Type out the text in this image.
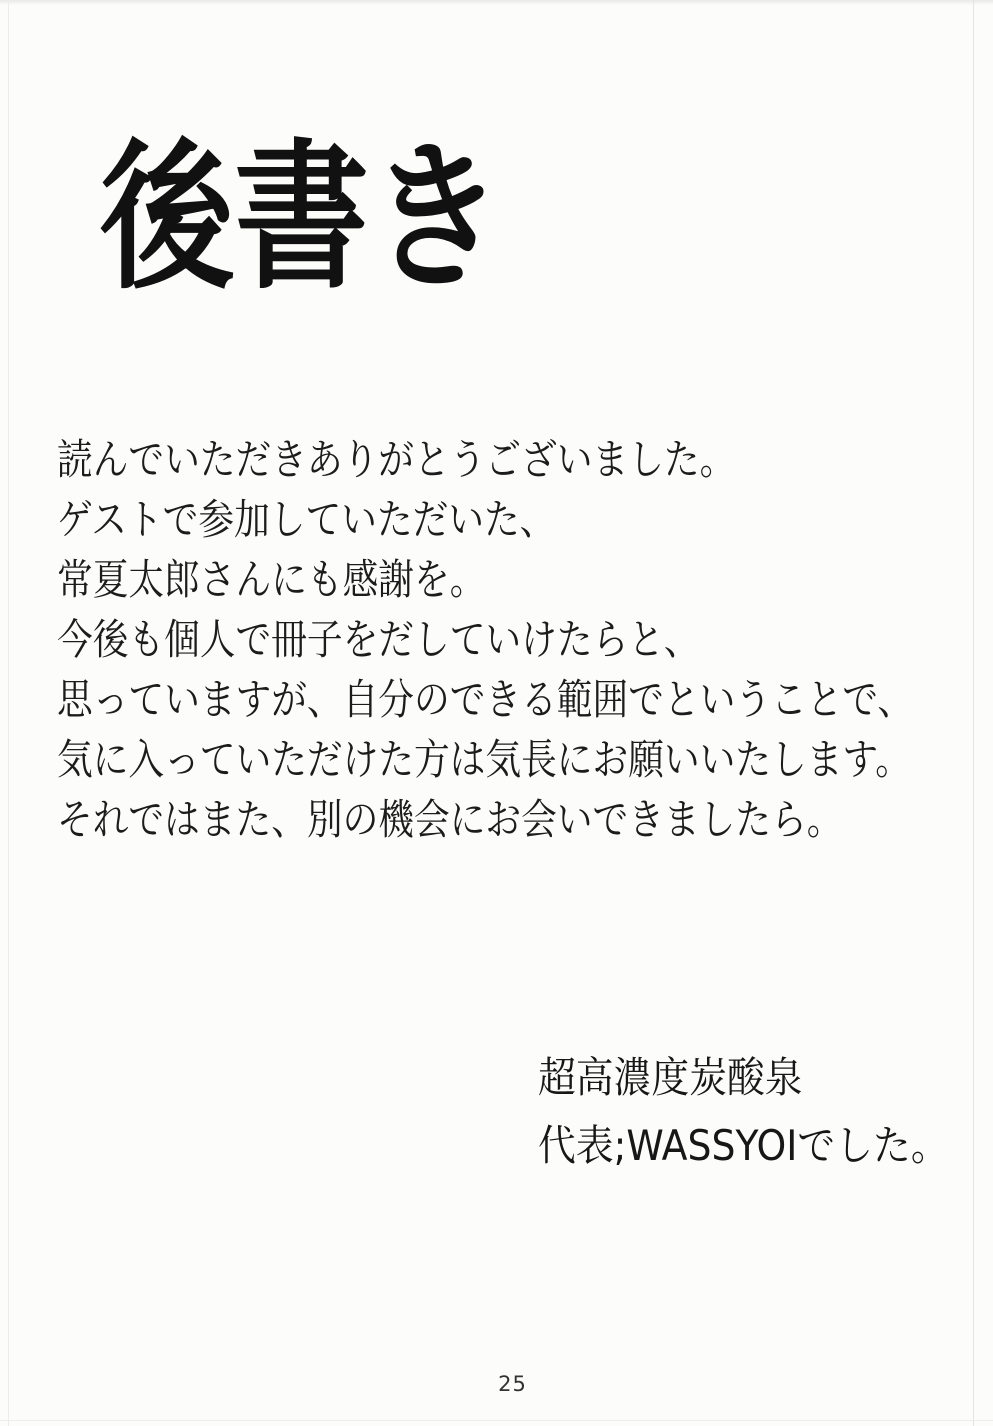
後書き
読んでいただきありがとうございました。
ゲストで参加していただいた、
常夏太郎さんにも感謝を。
今後も個人で冊子をだしていけたらと、
思っていますが、自分のできる範囲でということで、
気に入っていただけた方は気長にお願いいたします。
それではまた、別の機会にお会いできましたら。
超高濃度炭酸泉
代表;WASSYOIでした。
25
